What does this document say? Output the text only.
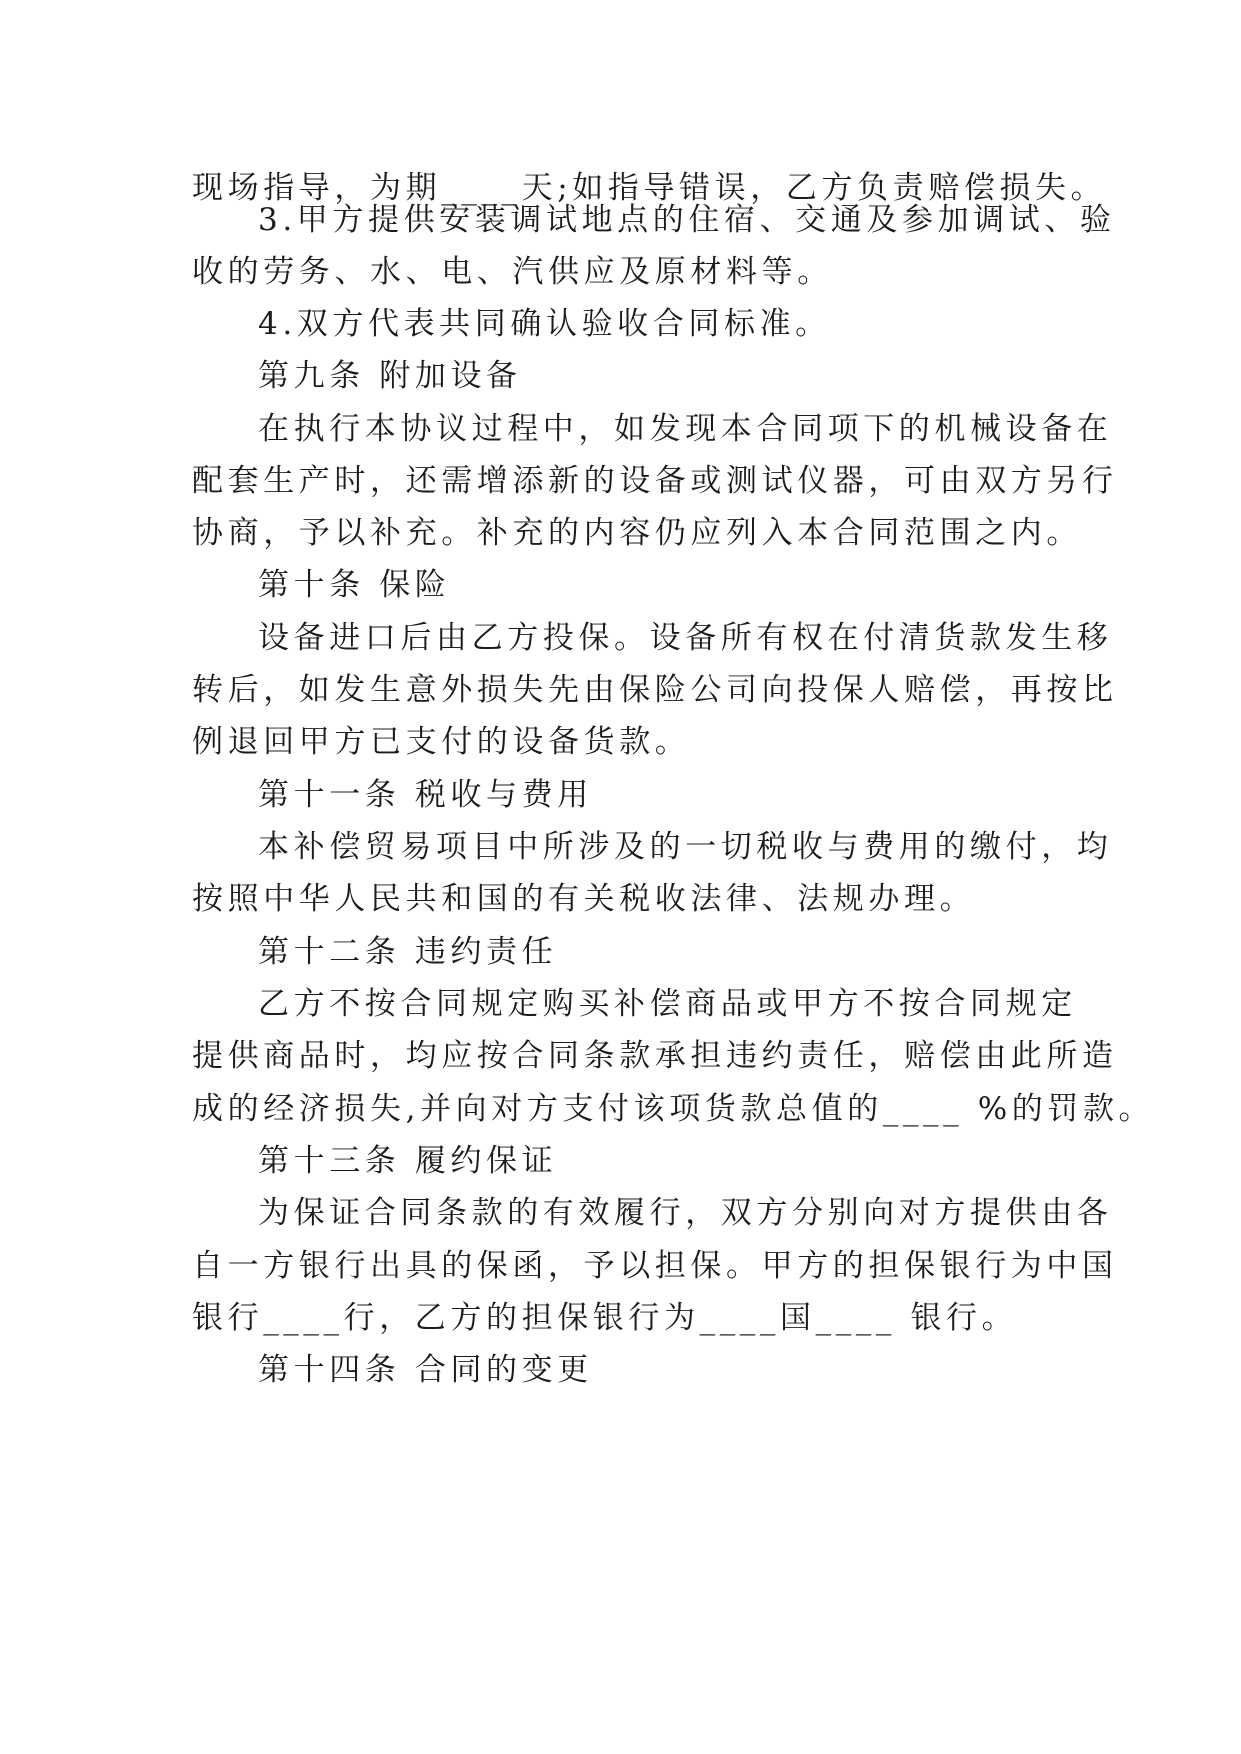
现场指导，为期____天;如指导错误，乙方负责赔偿损失。
3.甲方提供安装调试地点的住宿、交通及参加调试、验
收的劳务、水、电、汽供应及原材料等。
4.双方代表共同确认验收合同标准。
第九条 附加设备
在执行本协议过程中，如发现本合同项下的机械设备在
配套生产时，还需增添新的设备或测试仪器，可由双方另行
协商，予以补充。补充的内容仍应列入本合同范围之内。
第十条 保险
设备进口后由乙方投保。设备所有权在付清货款发生移
转后，如发生意外损失先由保险公司向投保人赔偿，再按比
例退回甲方已支付的设备货款。
第十一条 税收与费用
本补偿贸易项目中所涉及的一切税收与费用的缴付，均
按照中华人民共和国的有关税收法律、法规办理。
第十二条 违约责任
乙方不按合同规定购买补偿商品或甲方不按合同规定
提供商品时，均应按合同条款承担违约责任，赔偿由此所造
成的经济损失,并向对方支付该项货款总值的____ %的罚款。
第十三条 履约保证
为保证合同条款的有效履行，双方分别向对方提供由各
自一方银行出具的保函，予以担保。甲方的担保银行为中国
银行____行，乙方的担保银行为____国____ 银行。
第十四条 合同的变更
